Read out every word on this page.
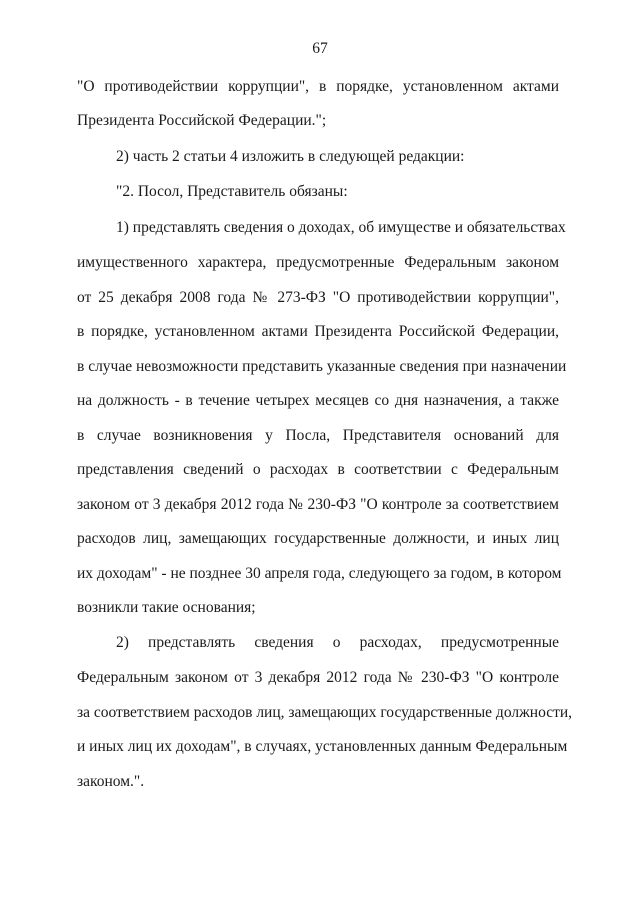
67
"О противодействии коррупции", в порядке, установленном актами
Президента Российской Федерации.";
2) часть 2 статьи 4 изложить в следующей редакции:
"2. Посол, Представитель обязаны:
1) представлять сведения о доходах, об имуществе и обязательствах
имущественного характера, предусмотренные Федеральным законом
от 25 декабря 2008 года № 273-ФЗ "О противодействии коррупции",
в порядке, установленном актами Президента Российской Федерации,
в случае невозможности представить указанные сведения при назначении
на должность - в течение четырех месяцев со дня назначения, а также
в случае возникновения у Посла, Представителя оснований для
представления сведений о расходах в соответствии с Федеральным
законом от 3 декабря 2012 года № 230-ФЗ "О контроле за соответствием
расходов лиц, замещающих государственные должности, и иных лиц
их доходам" - не позднее 30 апреля года, следующего за годом, в котором
возникли такие основания;
2) представлять сведения о расходах, предусмотренные
Федеральным законом от 3 декабря 2012 года № 230-ФЗ "О контроле
за соответствием расходов лиц, замещающих государственные должности,
и иных лиц их доходам", в случаях, установленных данным Федеральным
законом.".
